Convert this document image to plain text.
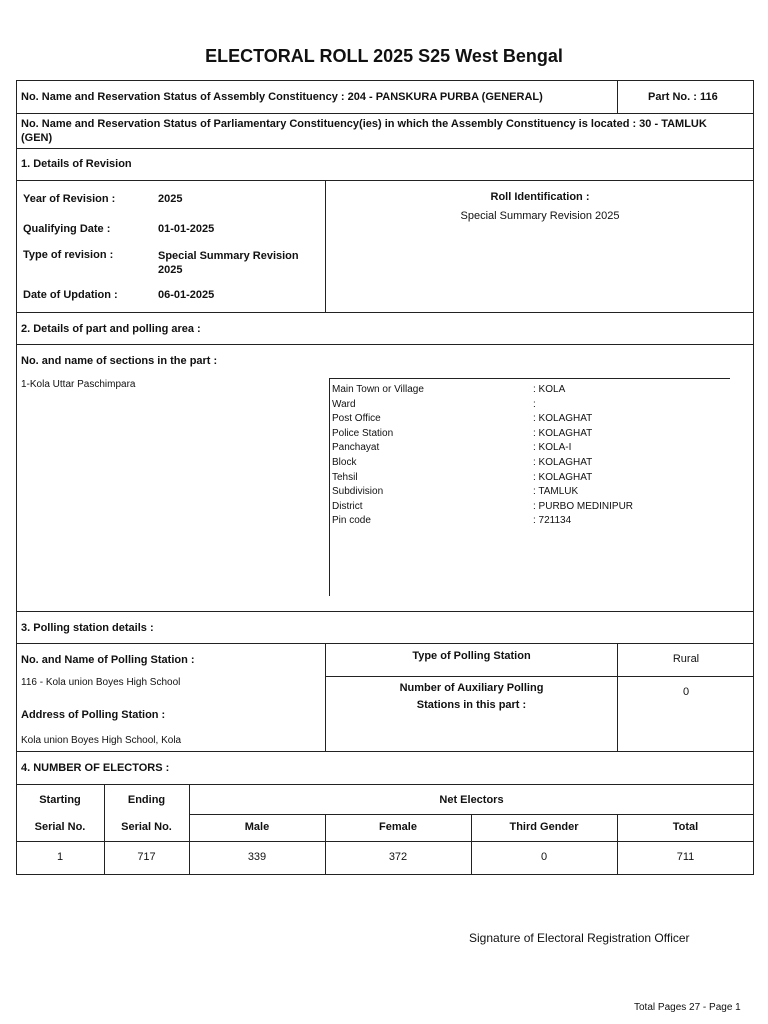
ELECTORAL ROLL 2025 S25 West Bengal
No. Name and Reservation Status of Assembly Constituency : 204 - PANSKURA PURBA (GENERAL)	Part No. : 116
No. Name and Reservation Status of Parliamentary Constituency(ies) in which the Assembly Constituency is located : 30 - TAMLUK (GEN)
1. Details of Revision
Year of Revision :	2025
Qualifying Date :	01-01-2025
Type of revision :	Special Summary Revision 2025
Date of Updation :	06-01-2025
Roll Identification :
Special Summary Revision 2025
2. Details of part and polling area :
No. and name of sections in the part :
1-Kola Uttar Paschimpara	Main Town or Village	: KOLA
Ward	:
Post Office	: KOLAGHAT
Police Station	: KOLAGHAT
Panchayat	: KOLA-I
Block	: KOLAGHAT
Tehsil	: KOLAGHAT
Subdivision	: TAMLUK
District	: PURBO MEDINIPUR
Pin code	: 721134
3. Polling station details :
No. and Name of Polling Station :
116 - Kola union Boyes High School
Address of Polling Station :
Kola union Boyes High School, Kola
Type of Polling Station	Rural
Number of Auxiliary Polling
Stations in this part :
0
4. NUMBER OF ELECTORS :
Starting
Serial No.
Ending
Serial No.
Net Electors
Male	Female	Third Gender	Total
1	717	339	372	0	711
Signature of Electoral Registration Officer
Total Pages 27 - Page 1
